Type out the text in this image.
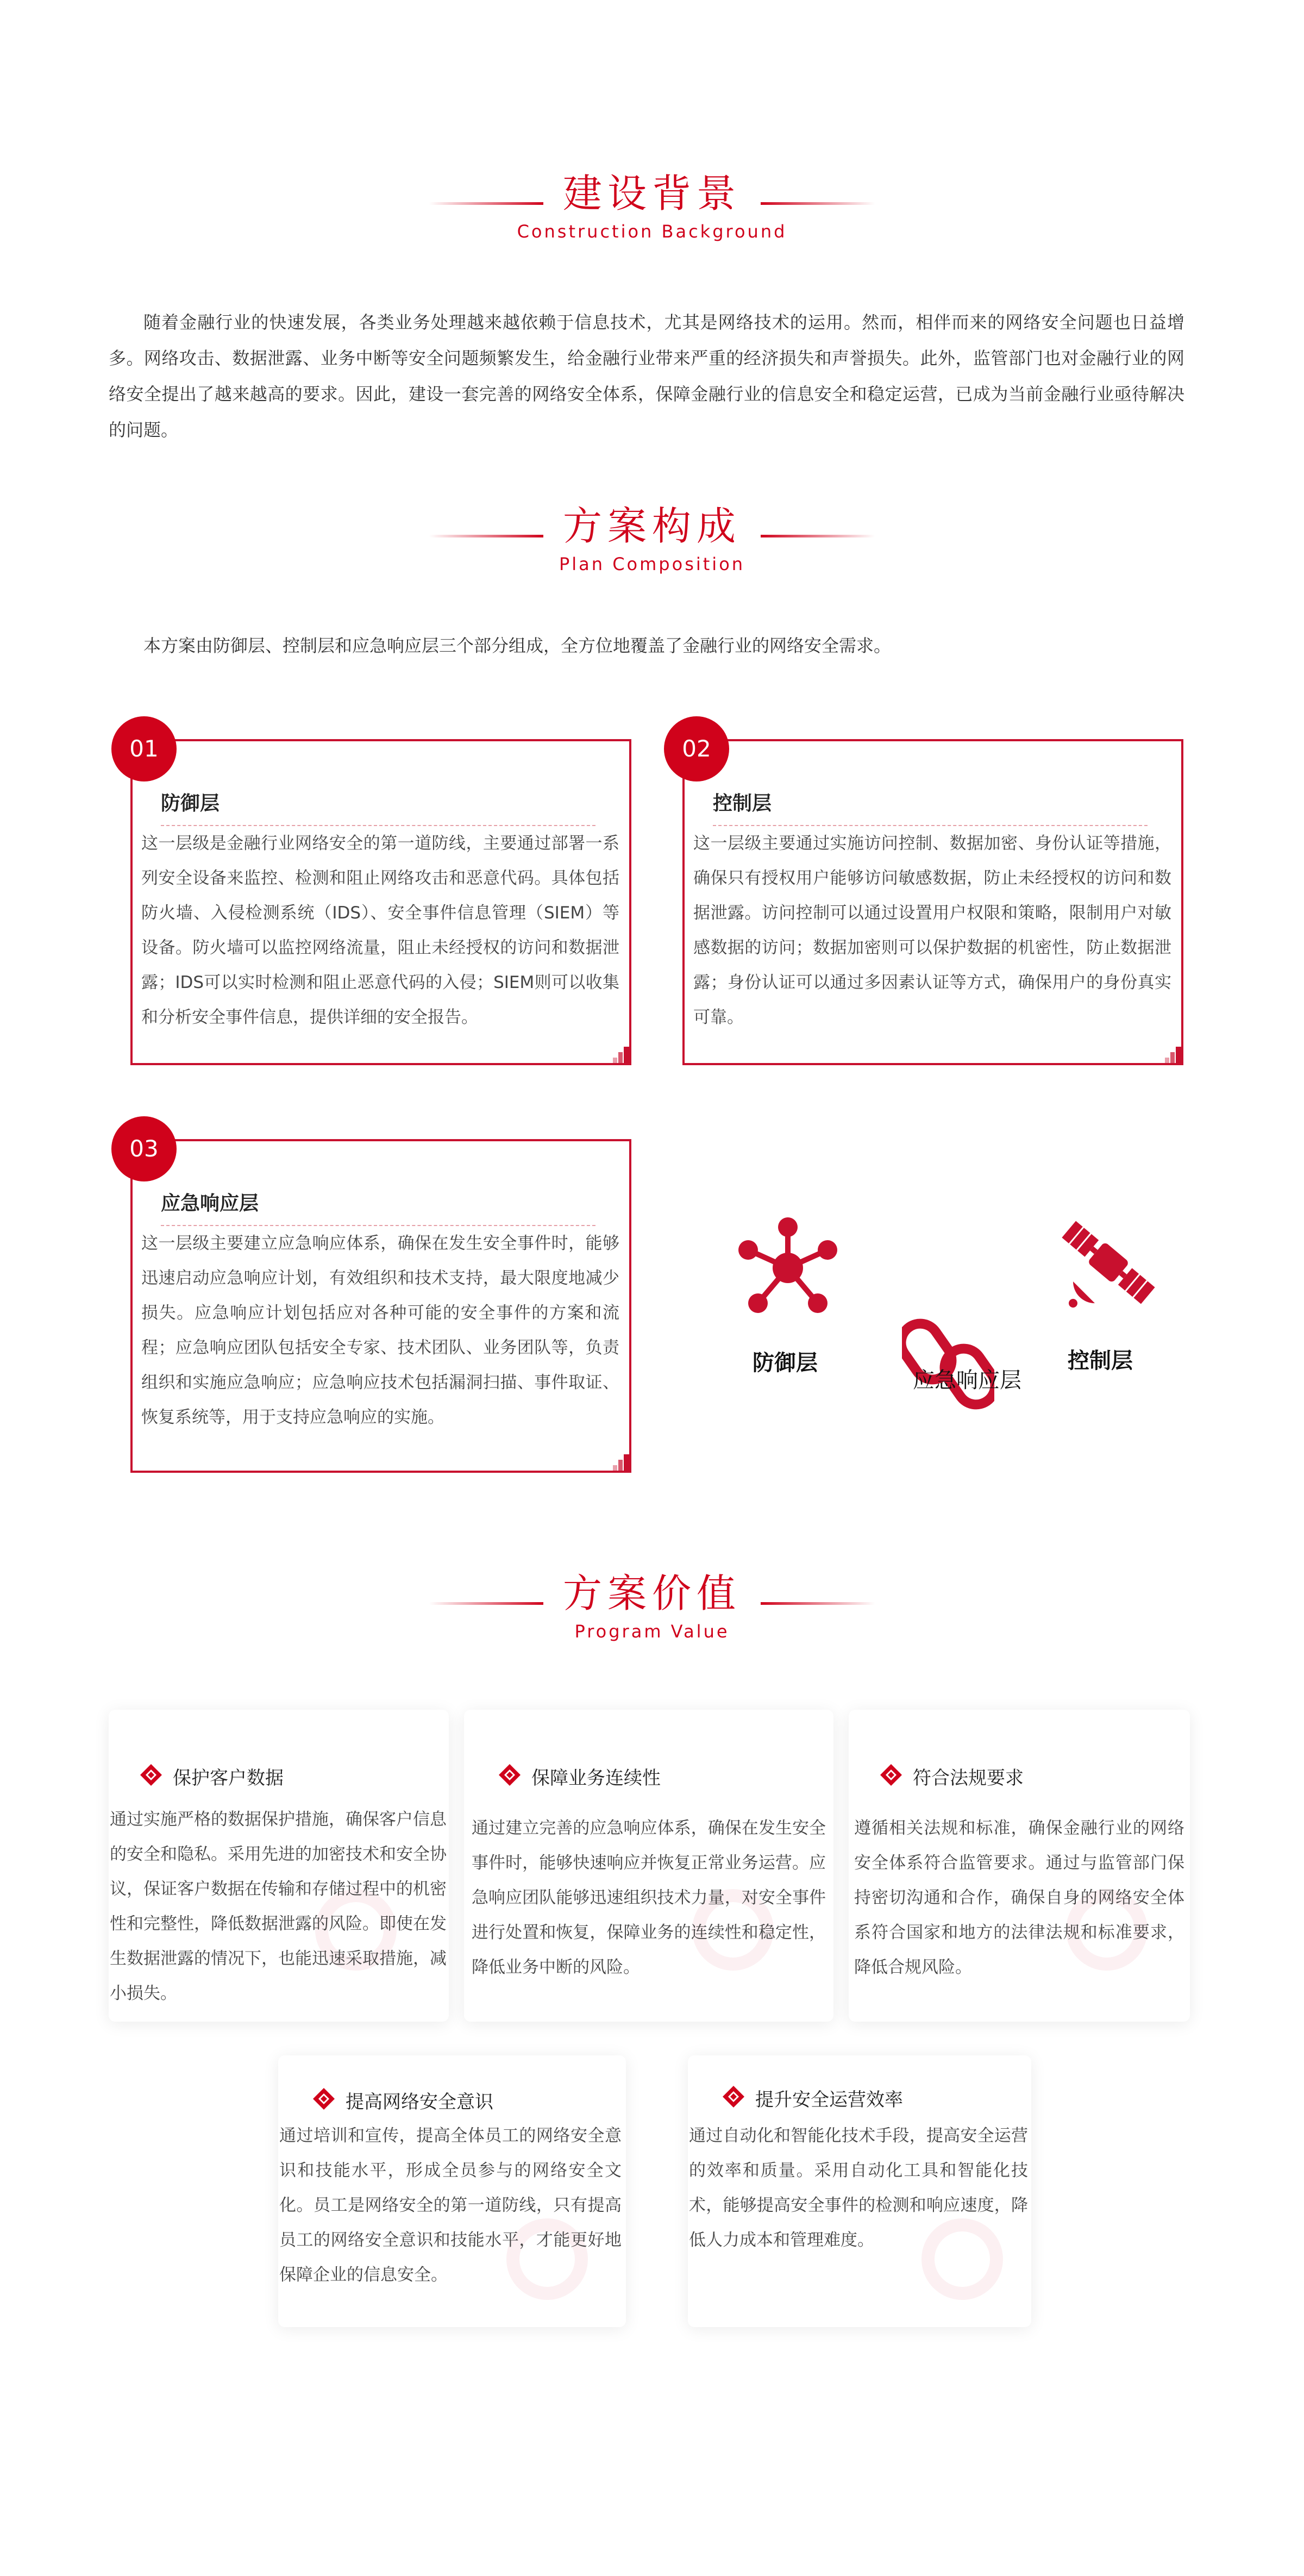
建设背景
Construction Background
随着金融行业的快速发展，各类业务处理越来越依赖于信息技术，尤其是网络技术的运用。然而，相伴而来的网络安全问题也日益增多。网络攻击、数据泄露、业务中断等安全问题频繁发生，给金融行业带来严重的经济损失和声誉损失。此外，监管部门也对金融行业的网络安全提出了越来越高的要求。因此，建设一套完善的网络安全体系，保障金融行业的信息安全和稳定运营，已成为当前金融行业亟待解决的问题。
方案构成
Plan Composition
本方案由防御层、控制层和应急响应层三个部分组成，全方位地覆盖了金融行业的网络安全需求。
防御层
这一层级是金融行业网络安全的第一道防线，主要通过部署一系列安全设备来监控、检测和阻止网络攻击和恶意代码。具体包括防火墙、入侵检测系统（IDS）、安全事件信息管理（SIEM）等设备。防火墙可以监控网络流量，阻止未经授权的访问和数据泄露；IDS可以实时检测和阻止恶意代码的入侵；SIEM则可以收集和分析安全事件信息，提供详细的安全报告。
01
控制层
这一层级主要通过实施访问控制、数据加密、身份认证等措施，确保只有授权用户能够访问敏感数据，防止未经授权的访问和数据泄露。访问控制可以通过设置用户权限和策略，限制用户对敏感数据的访问；数据加密则可以保护数据的机密性，防止数据泄露；身份认证可以通过多因素认证等方式，确保用户的身份真实可靠。
02
应急响应层
这一层级主要建立应急响应体系，确保在发生安全事件时，能够迅速启动应急响应计划，有效组织和技术支持，最大限度地减少损失。应急响应计划包括应对各种可能的安全事件的方案和流程；应急响应团队包括安全专家、技术团队、业务团队等，负责组织和实施应急响应；应急响应技术包括漏洞扫描、事件取证、恢复系统等，用于支持应急响应的实施。
03
防御层
应急响应层
控制层
方案价值
Program Value
保护客户数据
通过实施严格的数据保护措施，确保客户信息的安全和隐私。采用先进的加密技术和安全协议，保证客户数据在传输和存储过程中的机密性和完整性，降低数据泄露的风险。即使在发生数据泄露的情况下，也能迅速采取措施，减小损失。
保障业务连续性
通过建立完善的应急响应体系，确保在发生安全事件时，能够快速响应并恢复正常业务运营。应急响应团队能够迅速组织技术力量，对安全事件进行处置和恢复，保障业务的连续性和稳定性，降低业务中断的风险。
符合法规要求
遵循相关法规和标准，确保金融行业的网络安全体系符合监管要求。通过与监管部门保持密切沟通和合作，确保自身的网络安全体系符合国家和地方的法律法规和标准要求，降低合规风险。
提高网络安全意识
通过培训和宣传，提高全体员工的网络安全意识和技能水平，形成全员参与的网络安全文化。员工是网络安全的第一道防线，只有提高员工的网络安全意识和技能水平，才能更好地保障企业的信息安全。
提升安全运营效率
通过自动化和智能化技术手段，提高安全运营的效率和质量。采用自动化工具和智能化技术，能够提高安全事件的检测和响应速度，降低人力成本和管理难度。
